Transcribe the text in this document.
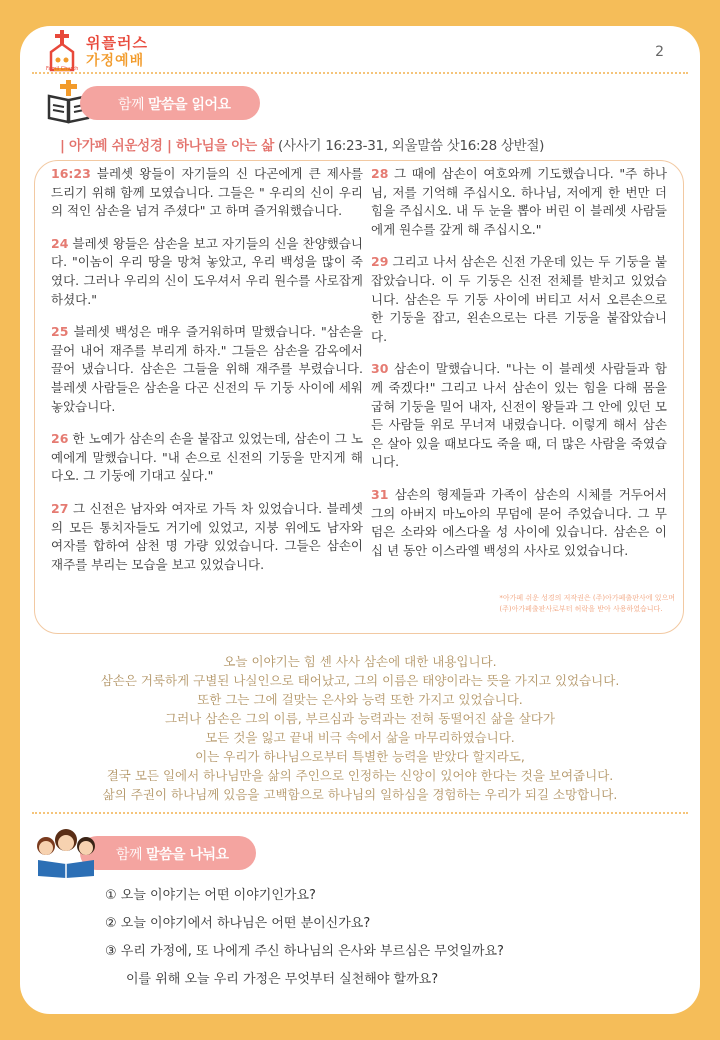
위플러스
가정예배
Famil Church
2
함께 말씀을 읽어요
| 아가페 쉬운성경 | 하나님을 아는 삶 (사사기 16:23-31, 외울말씀 삿16:28 상반절)

16:23 블레셋 왕들이 자기들의 신 다곤에게 큰 제사를 드리기 위해 함께 모였습니다. 그들은 " 우리의 신이 우리의 적인 삼손을 넘겨 주셨다" 고 하며 즐거워했습니다.

24 블레셋 왕들은 삼손을 보고 자기들의 신을 찬양했습니다. "이놈이 우리 땅을 망쳐 놓았고, 우리 백성을 많이 죽였다. 그러나 우리의 신이 도우셔서 우리 원수를 사로잡게 하셨다."

25 블레셋 백성은 매우 즐거워하며 말했습니다. "삼손을 끌어 내어 재주를 부리게 하자." 그들은 삼손을 감옥에서 끌어 냈습니다. 삼손은 그들을 위해 재주를 부렸습니다. 블레셋 사람들은 삼손을 다곤 신전의 두 기둥 사이에 세워 놓았습니다.

26 한 노예가 삼손의 손을 붙잡고 있었는데, 삼손이 그 노예에게 말했습니다. "내 손으로 신전의 기둥을 만지게 해 다오. 그 기둥에 기대고 싶다."

27 그 신전은 남자와 여자로 가득 차 있었습니다. 블레셋의 모든 통치자들도 거기에 있었고, 지붕 위에도 남자와 여자를 합하여 삼천 명 가량 있었습니다. 그들은 삼손이 재주를 부리는 모습을 보고 있었습니다.

28 그 때에 삼손이 여호와께 기도했습니다. "주 하나님, 저를 기억해 주십시오. 하나님, 저에게 한 번만 더 힘을 주십시오. 내 두 눈을 뽑아 버린 이 블레셋 사람들에게 원수를 갚게 해 주십시오."

29 그리고 나서 삼손은 신전 가운데 있는 두 기둥을 붙잡았습니다. 이 두 기둥은 신전 전체를 받치고 있었습니다. 삼손은 두 기둥 사이에 버티고 서서 오른손으로 한 기둥을 잡고, 왼손으로는 다른 기둥을 붙잡았습니다.

30 삼손이 말했습니다. "나는 이 블레셋 사람들과 함께 죽겠다!" 그리고 나서 삼손이 있는 힘을 다해 몸을 굽혀 기둥을 밀어 내자, 신전이 왕들과 그 안에 있던 모든 사람들 위로 무너져 내렸습니다. 이렇게 해서 삼손은 살아 있을 때보다도 죽을 때, 더 많은 사람을 죽였습니다.

31 삼손의 형제들과 가족이 삼손의 시체를 거두어서 그의 아버지 마노아의 무덤에 묻어 주었습니다. 그 무덤은 소라와 에스다올 성 사이에 있습니다. 삼손은 이십 년 동안 이스라엘 백성의 사사로 있었습니다.

*아가페 쉬운 성경의 저작권은 (주)아가페출판사에 있으며
(주)아가페출판사로부터 허락을 받아 사용하였습니다.
오늘 이야기는 힘 센 사사 삼손에 대한 내용입니다.
삼손은 거룩하게 구별된 나실인으로 태어났고, 그의 이름은 태양이라는 뜻을 가지고 있었습니다.
또한 그는 그에 걸맞는 은사와 능력 또한 가지고 있었습니다.
그러나 삼손은 그의 이름, 부르심과 능력과는 전혀 동떨어진 삶을 살다가
모든 것을 잃고 끝내 비극 속에서 삶을 마무리하였습니다.
이는 우리가 하나님으로부터 특별한 능력을 받았다 할지라도,
결국 모든 일에서 하나님만을 삶의 주인으로 인정하는 신앙이 있어야 한다는 것을 보여줍니다.
삶의 주권이 하나님께 있음을 고백함으로 하나님의 일하심을 경험하는 우리가 되길 소망합니다.
함께 말씀을 나눠요
① 오늘 이야기는 어떤 이야기인가요?
② 오늘 이야기에서 하나님은 어떤 분이신가요?
③ 우리 가정에, 또 나에게 주신 하나님의 은사와 부르심은 무엇일까요?
이를 위해 오늘 우리 가정은 무엇부터 실천해야 할까요?
